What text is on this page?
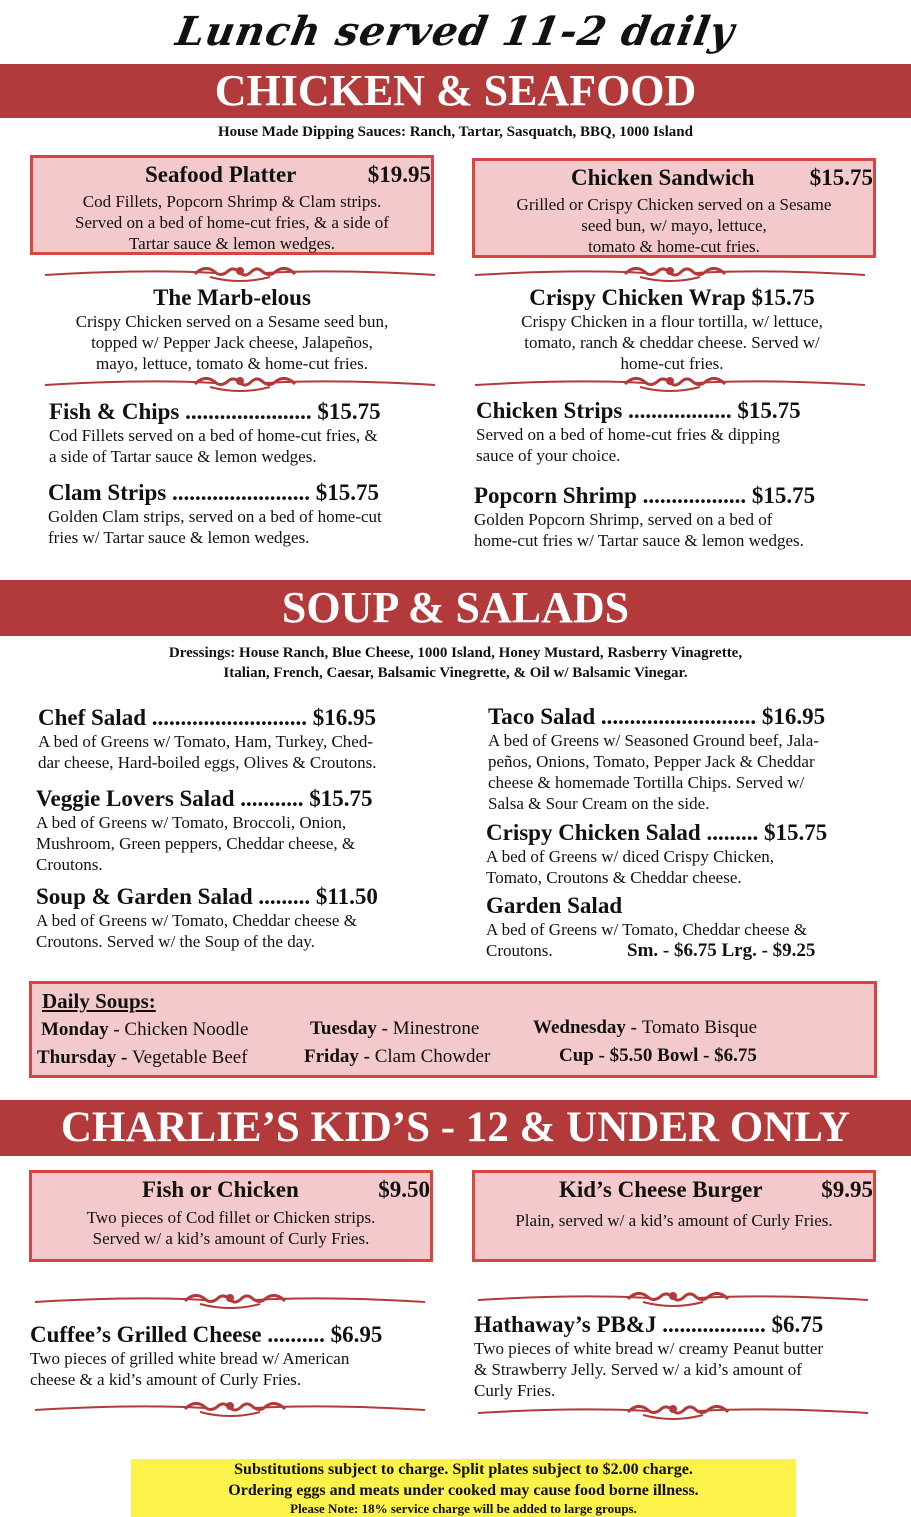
Lunch served 11-2 daily
CHICKEN & SEAFOOD
House Made Dipping Sauces: Ranch, Tartar, Sasquatch, BBQ, 1000 Island
Seafood Platter	$19.95
Cod Fillets, Popcorn Shrimp & Clam strips.
Served on a bed of home-cut fries, & a side of
Tartar sauce & lemon wedges.
Chicken Sandwich $15.75
Grilled or Crispy Chicken served on a Sesame
seed bun, w/ mayo, lettuce,
tomato & home-cut fries.
The Marb-elous
Crispy Chicken served on a Sesame seed bun,
topped w/ Pepper Jack cheese, Jalapeños,
mayo, lettuce, tomato & home-cut fries.
Crispy Chicken Wrap $15.75
Crispy Chicken in a flour tortilla, w/ lettuce,
tomato, ranch & cheddar cheese. Served w/
home-cut fries.
Fish & Chips ...................... $15.75
Cod Fillets served on a bed of home-cut fries, &
a side of Tartar sauce & lemon wedges.
Chicken Strips .................. $15.75
Served on a bed of home-cut fries & dipping
sauce of your choice.
Clam Strips ........................ $15.75
Golden Clam strips, served on a bed of home-cut
fries w/ Tartar sauce & lemon wedges.
Popcorn Shrimp .................. $15.75
Golden Popcorn Shrimp, served on a bed of
home-cut fries w/ Tartar sauce & lemon wedges.
SOUP & SALADS
Dressings: House Ranch, Blue Cheese, 1000 Island, Honey Mustard, Rasberry Vinagrette,
Italian, French, Caesar, Balsamic Vinegrette, & Oil w/ Balsamic Vinegar.
Chef Salad ........................... $16.95
A bed of Greens w/ Tomato, Ham, Turkey, Ched-
dar cheese, Hard-boiled eggs, Olives & Croutons.
Taco Salad ........................... $16.95
A bed of Greens w/ Seasoned Ground beef, Jala-
peños, Onions, Tomato, Pepper Jack & Cheddar
cheese & homemade Tortilla Chips. Served w/
Salsa & Sour Cream on the side.
Veggie Lovers Salad ........... $15.75
A bed of Greens w/ Tomato, Broccoli, Onion,
Mushroom, Green peppers, Cheddar cheese, &
Croutons.
Crispy Chicken Salad ......... $15.75
A bed of Greens w/ diced Crispy Chicken,
Tomato, Croutons & Cheddar cheese.
Soup & Garden Salad ......... $11.50
A bed of Greens w/ Tomato, Cheddar cheese &
Croutons. Served w/ the Soup of the day.
Garden Salad
A bed of Greens w/ Tomato, Cheddar cheese &
Croutons.	Sm. - $6.75 Lrg. - $9.25
Daily Soups:
Monday - Chicken Noodle	Tuesday - Minestrone	Wednesday - Tomato Bisque
Thursday - Vegetable Beef	Friday - Clam Chowder	Cup - $5.50 Bowl - $6.75
CHARLIE’S KID’S - 12 & UNDER ONLY
Fish or Chicken	$9.50
Two pieces of Cod fillet or Chicken strips.
Served w/ a kid’s amount of Curly Fries.
Kid’s Cheese Burger	$9.95
Plain, served w/ a kid’s amount of Curly Fries.
Cuffee’s Grilled Cheese .......... $6.95
Two pieces of grilled white bread w/ American
cheese & a kid’s amount of Curly Fries.
Hathaway’s PB&J .................. $6.75
Two pieces of white bread w/ creamy Peanut butter
& Strawberry Jelly. Served w/ a kid’s amount of
Curly Fries.
Substitutions subject to charge. Split plates subject to $2.00 charge.
Ordering eggs and meats under cooked may cause food borne illness.
Please Note: 18% service charge will be added to large groups.
